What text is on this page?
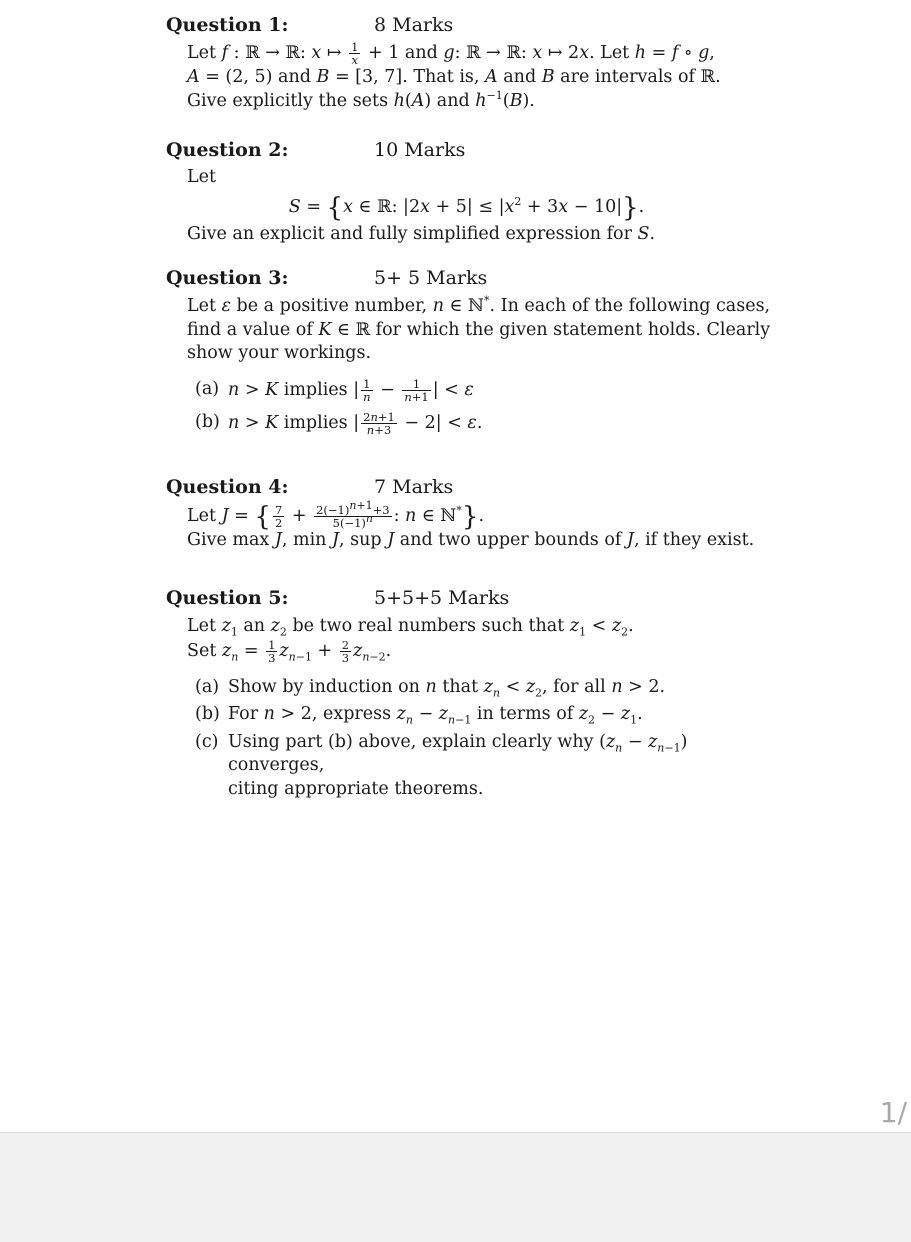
Question 1:	8 Marks
Let f : ℝ → ℝ: x ↦ $\frac{1}{x} + 1$ and g: ℝ → ℝ: x ↦ 2x. Let h = f ∘ g,
A = (2, 5) and B = [3, 7]. That is, A and B are intervals of ℝ.
Give explicitly the sets h(A) and $h^{-1}(B)$.
Question 2:	10 Marks
Let
S = {x ∈ ℝ: $|2x + 5| \le |x^2 + 3x - 10|$}.
Give an explicit and fully simplified expression for S.
Question 3:	5+ 5 Marks
Let ε be a positive number, n ∈ ℕ*. In each of the following cases,
find a value of K ∈ ℝ for which the given statement holds. Clearly
show your workings.
(a) n > K implies | $\frac{1}{n} - \frac{1}{n+1}$ | < ε
(b) n > K implies | $\frac{2n+1}{n+3} - 2| < \varepsilon$.
Question 4:	7 Marks
Let J = { $\frac{7}{2} + \frac{2(-1)^{n+1}+3}{5(-1)^n}$ : n ∈ ℕ*}.
Give max J, min J, sup J and two upper bounds of J, if they exist.
Question 5:	5+5+5 Marks
Let $z_1$ an $z_2$ be two real numbers such that $z_1 < z_2$.
Set $z_n = \frac{1}{3} z_{n-1} + \frac{2}{3} z_{n-2}$.
(a) Show by induction on n that $z_n < z_2$, for all n > 2.
(b) For n > 2, express $z_n - z_{n-1}$ in terms of $z_2 - z_1$.
(c) Using part (b) above, explain clearly why $(z_n - z_{n-1})$ converges,
citing appropriate theorems.
1/
